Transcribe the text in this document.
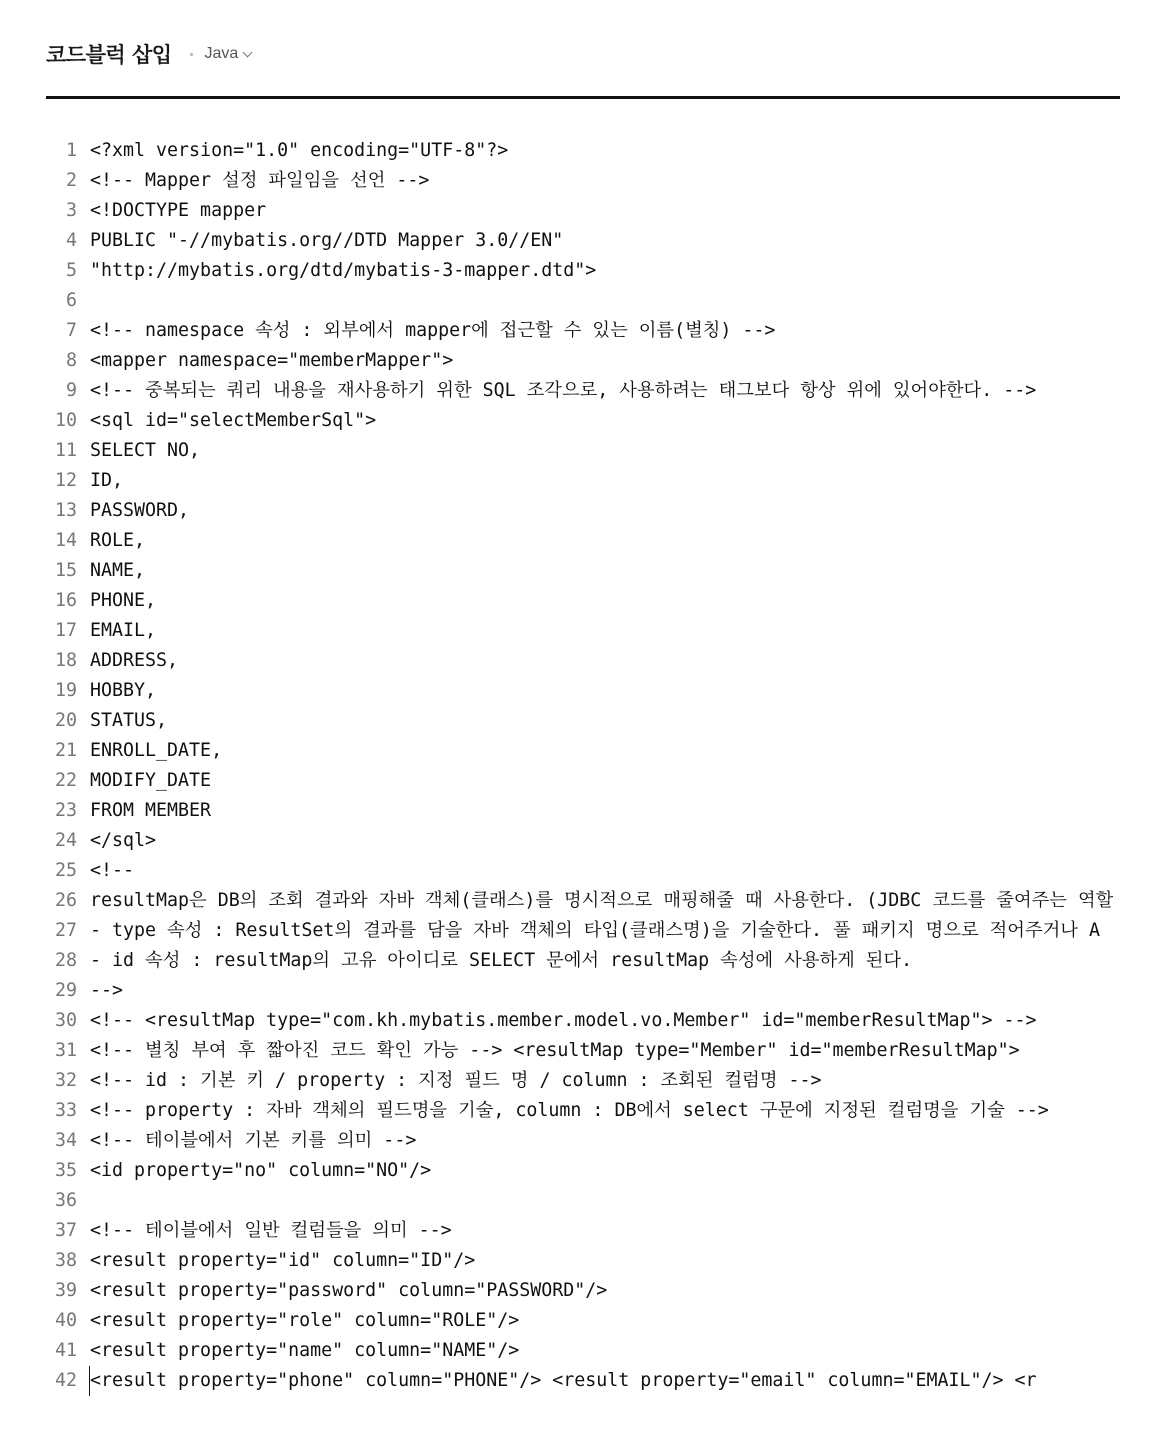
코드블럭 삽입 Java
1 <?xml version="1.0" encoding="UTF-8"?>
2 <!-- Mapper 설정 파일임을 선언 -->
3 <!DOCTYPE mapper
4 PUBLIC "-//mybatis.org//DTD Mapper 3.0//EN"
5 "http://mybatis.org/dtd/mybatis-3-mapper.dtd">
6
7 <!-- namespace 속성 : 외부에서 mapper에 접근할 수 있는 이름(별칭) -->
8 <mapper namespace="memberMapper">
9 <!-- 중복되는 쿼리 내용을 재사용하기 위한 SQL 조각으로, 사용하려는 태그보다 항상 위에 있어야한다. -->
10 <sql id="selectMemberSql">
11 SELECT NO,
12 ID,
13 PASSWORD,
14 ROLE,
15 NAME,
16 PHONE,
17 EMAIL,
18 ADDRESS,
19 HOBBY,
20 STATUS,
21 ENROLL_DATE,
22 MODIFY_DATE
23 FROM MEMBER
24 </sql>
25 <!--
26 resultMap은 DB의 조회 결과와 자바 객체(클래스)를 명시적으로 매핑해줄 때 사용한다. (JDBC 코드를 줄여주는 역할
27 - type 속성 : ResultSet의 결과를 담을 자바 객체의 타입(클래스명)을 기술한다. 풀 패키지 명으로 적어주거나 A
28 - id 속성 : resultMap의 고유 아이디로 SELECT 문에서 resultMap 속성에 사용하게 된다.
29 -->
30 <!-- <resultMap type="com.kh.mybatis.member.model.vo.Member" id="memberResultMap"> -->
31 <!-- 별칭 부여 후 짧아진 코드 확인 가능 --> <resultMap type="Member" id="memberResultMap">
32 <!-- id : 기본 키 / property : 지정 필드 명 / column : 조회된 컬럼명 -->
33 <!-- property : 자바 객체의 필드명을 기술, column : DB에서 select 구문에 지정된 컬럼명을 기술 -->
34 <!-- 테이블에서 기본 키를 의미 -->
35 <id property="no" column="NO"/>
36
37 <!-- 테이블에서 일반 컬럼들을 의미 -->
38 <result property="id" column="ID"/>
39 <result property="password" column="PASSWORD"/>
40 <result property="role" column="ROLE"/>
41 <result property="name" column="NAME"/>
42 <result property="phone" column="PHONE"/> <result property="email" column="EMAIL"/> <r
